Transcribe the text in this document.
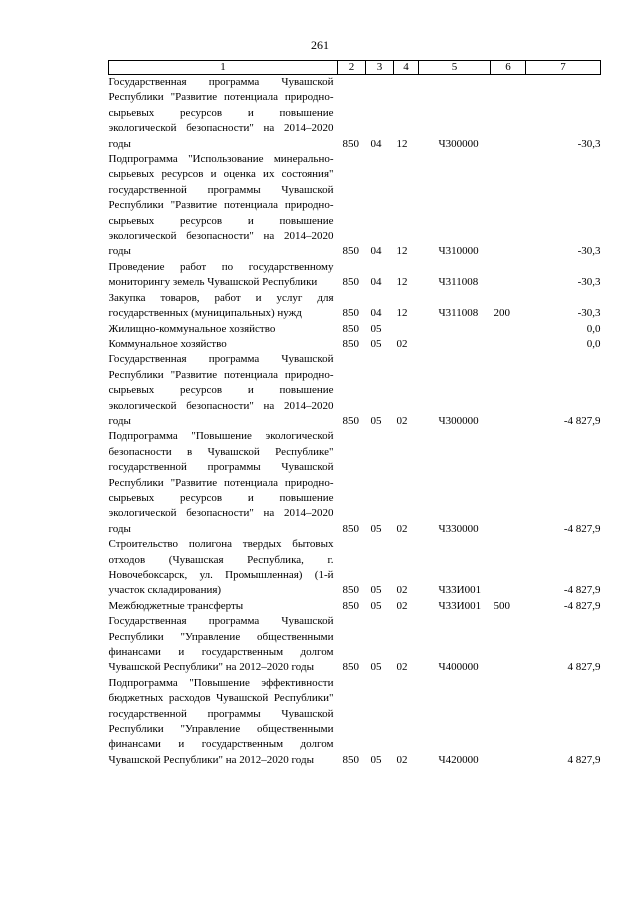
261
1	2	3	4	5	6	7
Государственная программа Чувашской Республики "Развитие потенциала природно-сырьевых ресурсов и повышение экологической безопасности" на 2014–2020 годы	850	04	12	Ч300000		-30,3
Подпрограмма "Использование минерально-сырьевых ресурсов и оценка их состояния" государственной программы Чувашской Республики "Развитие потенциала природно-сырьевых ресурсов и повышение экологической безопасности" на 2014–2020 годы	850	04	12	Ч310000		-30,3
Проведение работ по государственному мониторингу земель Чувашской Республики	850	04	12	Ч311008		-30,3
Закупка товаров, работ и услуг для государственных (муниципальных) нужд	850	04	12	Ч311008	200	-30,3
Жилищно-коммунальное хозяйство	850	05				0,0
Коммунальное хозяйство	850	05	02			0,0
Государственная программа Чувашской Республики "Развитие потенциала природно-сырьевых ресурсов и повышение экологической безопасности" на 2014–2020 годы	850	05	02	Ч300000		-4 827,9
Подпрограмма "Повышение экологической безопасности в Чувашской Республике" государственной программы Чувашской Республики "Развитие потенциала природно-сырьевых ресурсов и повышение экологической безопасности" на 2014–2020 годы	850	05	02	Ч330000		-4 827,9
Строительство полигона твердых бытовых отходов (Чувашская Республика, г. Новочебоксарск, ул. Промышленная) (1-й участок складирования)	850	05	02	Ч33И001		-4 827,9
Межбюджетные трансферты	850	05	02	Ч33И001	500	-4 827,9
Государственная программа Чувашской Республики "Управление общественными финансами и государственным долгом Чувашской Республики" на 2012–2020 годы	850	05	02	Ч400000		4 827,9
Подпрограмма "Повышение эффективности бюджетных расходов Чувашской Республики" государственной программы Чувашской Республики "Управление общественными финансами и государственным долгом Чувашской Республики" на 2012–2020 годы	850	05	02	Ч420000		4 827,9
